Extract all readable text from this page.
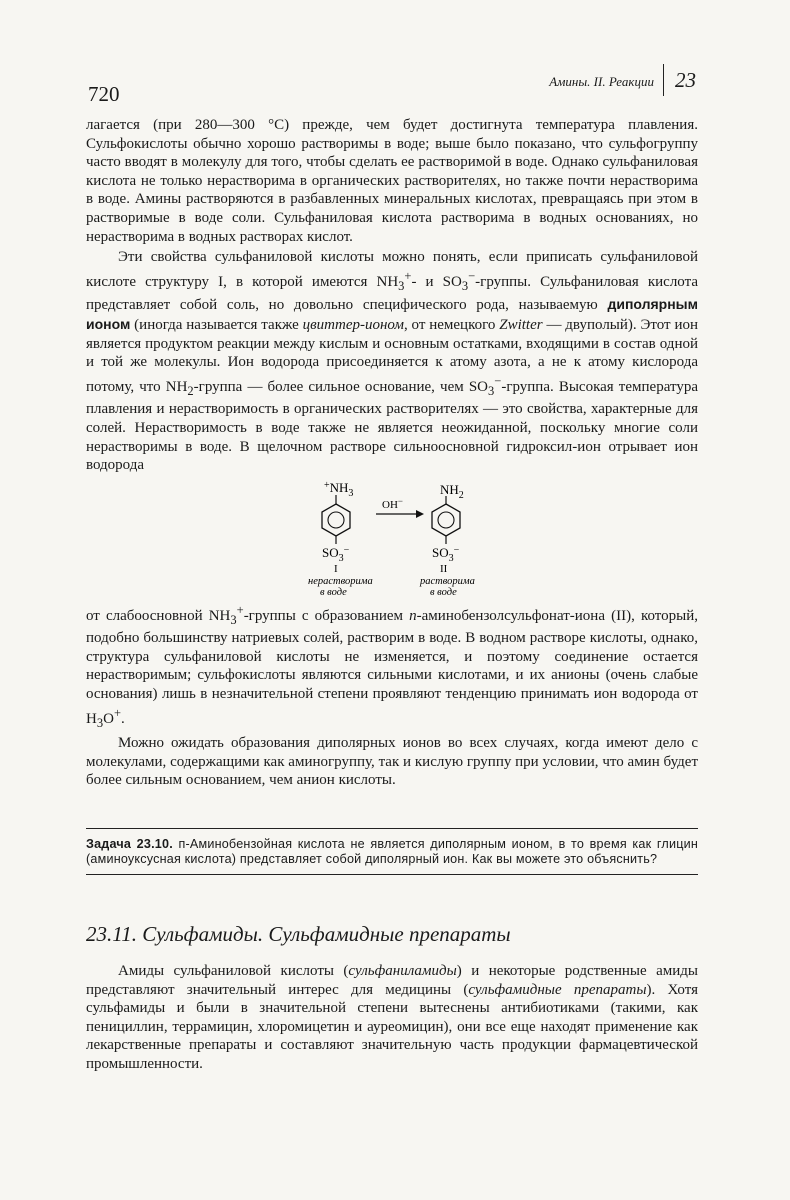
720
Амины. II. Реакции 23

лагается (при 280—300 °С) прежде, чем будет достигнута температура плавления. Сульфокислоты обычно хорошо растворимы в воде; выше было показано, что сульфогруппу часто вводят в молекулу для того, чтобы сделать ее растворимой в воде. Однако сульфаниловая кислота не только нерастворима в органических растворителях, но также почти нерастворима в воде. Амины растворяются в разбавленных минеральных кислотах, превращаясь при этом в растворимые в воде соли. Сульфаниловая кислота растворима в водных основаниях, но нерастворима в водных растворах кислот.

Эти свойства сульфаниловой кислоты можно понять, если приписать сульфаниловой кислоте структуру I, в которой имеются $NH_3^+-$ и $SO_3^-$-группы. Сульфаниловая кислота представляет собой соль, но довольно специфического рода, называемую диполярным ионом (иногда называется также цвиттер-ионом, от немецкого Zwitter — двуполый). Этот ион является продуктом реакции между кислым и основным остатками, входящими в состав одной и той же молекулы. Ион водорода присоединяется к атому азота, а не к атому кислорода потому, что $NH_2$-группа — более сильное основание, чем $SO_3^-$-группа. Высокая температура плавления и нерастворимость в органических растворителях — это свойства, характерные для солей. Нерастворимость в воде также не является неожиданной, поскольку многие соли нерастворимы в воде. В щелочном растворе сильноосновной гидроксил-ион отрывает ион водорода

$^+NH_3$
$SO_3^-$
OH−
$NH_2$
$SO_3^-$
I
нерастворима
в воде
II
растворима
в воде

от слабоосновной $NH_3^+$-группы с образованием п-аминобензолсульфонат-иона (II), который, подобно большинству натриевых солей, растворим в воде. В водном растворе кислоты, однако, структура сульфаниловой кислоты не изменяется, и поэтому соединение остается нерастворимым; сульфокислоты являются сильными кислотами, и их анионы (очень слабые основания) лишь в незначительной степени проявляют тенденцию принимать ион водорода от $H_3O^+$.

Можно ожидать образования диполярных ионов во всех случаях, когда имеют дело с молекулами, содержащими как аминогруппу, так и кислую группу при условии, что амин будет более сильным основанием, чем анион кислоты.

Задача 23.10. п-Аминобензойная кислота не является диполярным ионом, в то время как глицин (аминоуксусная кислота) представляет собой диполярный ион. Как вы можете это объяснить?

23.11. Сульфамиды. Сульфамидные препараты

Амиды сульфаниловой кислоты (сульфаниламиды) и некоторые родственные амиды представляют значительный интерес для медицины (сульфамидные препараты). Хотя сульфамиды и были в значительной степени вытеснены антибиотиками (такими, как пенициллин, террамицин, хлоромицетин и ауреомицин), они все еще находят применение как лекарственные препараты и составляют значительную часть продукции фармацевтической промышленности.
